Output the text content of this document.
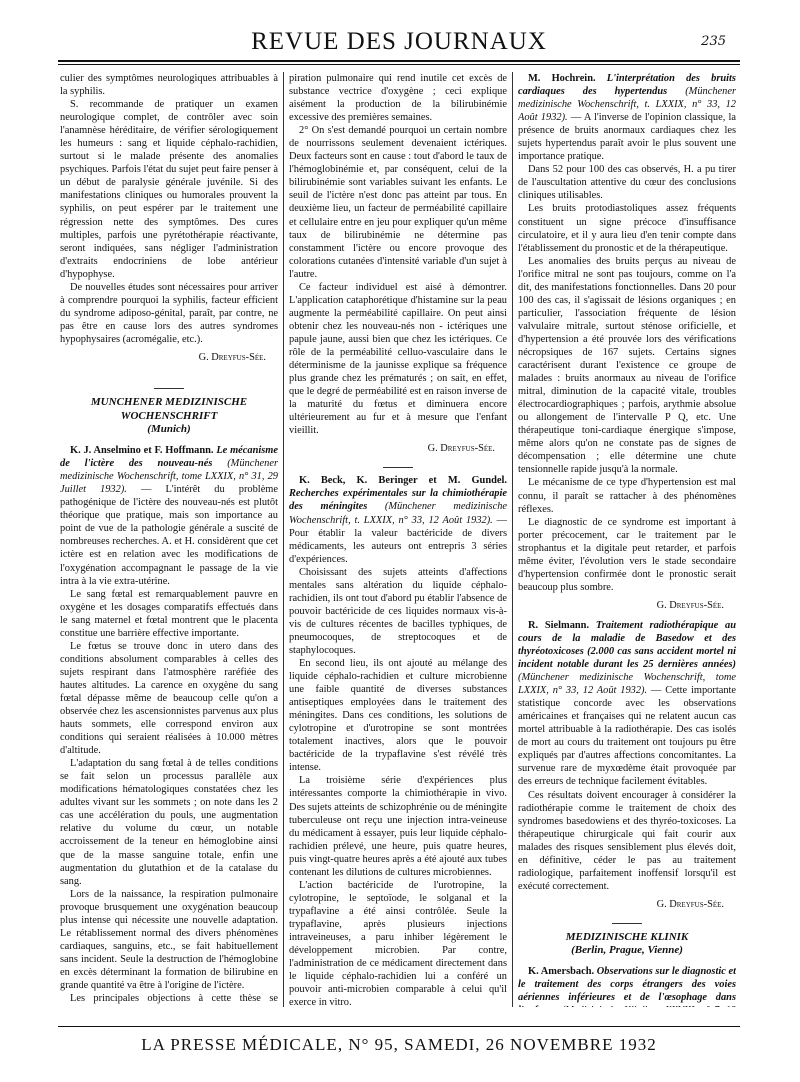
REVUE DES JOURNAUX	235

culier des symptômes neurologiques attribuables à la syphilis.

S. recommande de pratiquer un examen neurologique complet, de contrôler avec soin l'anamnèse héréditaire, de vérifier sérologiquement les humeurs : sang et liquide céphalo-rachidien, surtout si le malade présente des anomalies psychiques. Parfois l'état du sujet peut faire penser à un début de paralysie générale juvénile. Si des manifestations cliniques ou humorales prouvent la syphilis, on peut espérer par le traitement une régression nette des symptômes. Des cures multiples, parfois une pyrétothérapie réactivante, seront indiquées, sans négliger l'administration d'extraits endocriniens de lobe antérieur d'hypophyse.

De nouvelles études sont nécessaires pour arriver à comprendre pourquoi la syphilis, facteur efficient du syndrome adiposo-génital, paraît, par contre, ne pas être en cause lors des autres syndromes hypophysaires (acromégalie, etc.).

G. Dreyfus-Sée.

MUNCHENER MEDIZINISCHE WOCHENSCHRIFT

(Munich)

K. J. Anselmino et F. Hoffmann. Le mécanisme de l'ictère des nouveau-nés (Münchener medizinische Wochenschrift, tome LXXIX, n° 31, 29 Juillet 1932). — L'intérêt du problème pathogénique de l'ictère des nouveau-nés est plutôt théorique que pratique, mais son importance au point de vue de la pathologie générale a suscité de nombreuses recherches. A. et H. considèrent que cet ictère est en relation avec les modifications de l'oxygénation accompagnant le passage de la vie intra à la vie extra-utérine.

Le sang fœtal est remarquablement pauvre en oxygène et les dosages comparatifs effectués dans le sang maternel et fœtal montrent que le placenta constitue une barrière effective importante.

Le fœtus se trouve donc in utero dans des conditions absolument comparables à celles des sujets respirant dans l'atmosphère raréfiée des hautes altitudes. La carence en oxygène du sang fœtal dépasse même de beaucoup celle qu'on a observée chez les ascensionnistes parvenus aux plus hauts sommets, elle correspond environ aux conditions qui seraient réalisées à 10.000 mètres d'altitude.

L'adaptation du sang fœtal à de telles conditions se fait selon un processus parallèle aux modifications hématologiques constatées chez les adultes vivant sur les sommets ; on note dans les 2 cas une accélération du pouls, une augmentation relative du volume du cœur, un notable accroissement de la teneur en hémoglobine ainsi que de la masse sanguine totale, enfin une augmentation du glutathion et de la catalase du sang.

Lors de la naissance, la respiration pulmonaire provoque brusquement une oxygénation beaucoup plus intense qui nécessite une nouvelle adaptation. Le rétablissement normal des divers phénomènes cardiaques, sanguins, etc., se fait habituellement sans incident. Seule la destruction de l'hémoglobine en excès déterminant la formation de bilirubine en grande quantité va être à l'origine de l'ictère.

Les principales objections à cette thèse se

piration pulmonaire qui rend inutile cet excès de substance vectrice d'oxygène ; ceci explique aisément la production de la bilirubinémie excessive des premières semaines.

2° On s'est demandé pourquoi un certain nombre de nourrissons seulement devenaient ictériques. Deux facteurs sont en cause : tout d'abord le taux de l'hémoglobinémie et, par conséquent, celui de la bilirubinémie sont variables suivant les enfants. Le seuil de l'ictère n'est donc pas atteint par tous. En deuxième lieu, un facteur de perméabilité capillaire et cellulaire entre en jeu pour expliquer qu'un même taux de bilirubinémie ne détermine pas constamment l'ictère ou encore provoque des colorations cutanées d'intensité variable d'un sujet à l'autre.

Ce facteur individuel est aisé à démontrer. L'application cataphorétique d'histamine sur la peau augmente la perméabilité capillaire. On peut ainsi obtenir chez les nouveau-nés non - ictériques une papule jaune, aussi bien que chez les ictériques. Ce rôle de la perméabilité celluo-vasculaire dans le déterminisme de la jaunisse explique sa fréquence plus grande chez les prématurés ; on sait, en effet, que le degré de perméabilité est en raison inverse de la maturité du fœtus et diminuera encore ultérieurement au fur et à mesure que l'enfant vieillit.

G. Dreyfus-Sée.

K. Beck, K. Beringer et M. Gundel. Recherches expérimentales sur la chimiothérapie des méningites (Münchener medizinische Wochenschrift, t. LXXIX, n° 33, 12 Août 1932). — Pour établir la valeur bactéricide de divers médicaments, les auteurs ont entrepris 3 séries d'expériences.

Choisissant des sujets atteints d'affections mentales sans altération du liquide céphalo-rachidien, ils ont tout d'abord pu établir l'absence de pouvoir bactéricide de ces liquides normaux vis-à-vis de cultures récentes de bacilles typhiques, de pneumocoques, de streptocoques et de staphylocoques.

En second lieu, ils ont ajouté au mélange des liquide céphalo-rachidien et culture microbienne une faible quantité de diverses substances antiseptiques employées dans le traitement des méningites. Dans ces conditions, les solutions de cylotropine et d'urotropine se sont montrées totalement inactives, alors que le pouvoir bactéricide de la trypaflavine s'est révélé très intense.

La troisième série d'expériences plus intéressantes comporte la chimiothérapie in vivo. Des sujets atteints de schizophrénie ou de méningite tuberculeuse ont reçu une injection intra-veineuse du médicament à essayer, puis leur liquide céphalo-rachidien prélevé, une heure, puis quatre heures, puis vingt-quatre heures après a été ajouté aux tubes contenant les dilutions de cultures microbiennes.

L'action bactéricide de l'urotropine, la cylotropine, le septoïode, le solganal et la trypaflavine a été ainsi contrôlée. Seule la trypaflavine, après plusieurs injections intraveineuses, a paru inhiber légèrement le développement microbien. Par contre, l'administration de ce médicament directement dans le liquide céphalo-rachidien lui a conféré un pouvoir anti-microbien comparable à celui qu'il exerce in vitro.

M. Hochrein. L'interprétation des bruits cardiaques des hypertendus (Münchener medizinische Wochenschrift, t. LXXIX, n° 33, 12 Août 1932). — A l'inverse de l'opinion classique, la présence de bruits anormaux cardiaques chez les sujets hypertendus paraît avoir le plus souvent une importance pratique.

Dans 52 pour 100 des cas observés, H. a pu tirer de l'auscultation attentive du cœur des conclusions cliniques utilisables.

Les bruits protodiastoliques assez fréquents constituent un signe précoce d'insuffisance circulatoire, et il y aura lieu d'en tenir compte dans l'établissement du pronostic et de la thérapeutique.

Les anomalies des bruits perçus au niveau de l'orifice mitral ne sont pas toujours, comme on l'a dit, des manifestations fonctionnelles. Dans 20 pour 100 des cas, il s'agissait de lésions organiques ; en particulier, l'association fréquente de lésion valvulaire mitrale, surtout sténose orificielle, et d'hypertension a été prouvée lors des vérifications nécropsiques de 167 sujets. Certains signes caractérisent durant l'existence ce groupe de malades : bruits anormaux au niveau de l'orifice mitral, diminution de la capacité vitale, troubles électrocardiographiques ; parfois, arythmie absolue ou allongement de l'intervalle P Q, etc. Une thérapeutique toni-cardiaque énergique s'impose, même alors qu'on ne constate pas de signes de décompensation ; elle détermine une chute tensionnelle rapide jusqu'à la normale.

Le mécanisme de ce type d'hypertension est mal connu, il paraît se rattacher à des phénomènes réflexes.

Le diagnostic de ce syndrome est important à porter précocement, car le traitement par le strophantus et la digitale peut retarder, et parfois même éviter, l'évolution vers le stade secondaire d'hypertension confirmée dont le pronostic serait beaucoup plus sombre.

G. Dreyfus-Sée.

R. Sielmann. Traitement radiothérapique au cours de la maladie de Basedow et des thyréotoxicoses (2.000 cas sans accident mortel ni incident notable durant les 25 dernières années) (Münchener medizinische Wochenschrift, tome LXXIX, n° 33, 12 Août 1932). — Cette importante statistique concorde avec les observations américaines et françaises qui ne relatent aucun cas mortel attribuable à la radiothérapie. Des cas isolés de mort au cours du traitement ont toujours pu être expliqués par d'autres affections concomitantes. La survenue rare de myxœdème était provoquée par des erreurs de technique facilement évitables.

Ces résultats doivent encourager à considérer la radiothérapie comme le traitement de choix des syndromes basedowiens et des thyréo-toxicoses. La thérapeutique chirurgicale qui fait courir aux malades des risques sensiblement plus élevés doit, en définitive, céder le pas au traitement radiologique, parfaitement inoffensif lorsqu'il est exécuté correctement.

G. Dreyfus-Sée.

MEDIZINISCHE KLINIK

(Berlin, Prague, Vienne)

K. Amersbach. Observations sur le diagnostic et le traitement des corps étrangers des voies aériennes inférieures et de l'œsophage dans

LA PRESSE MÉDICALE, N° 95, SAMEDI, 26 NOVEMBRE 1932
